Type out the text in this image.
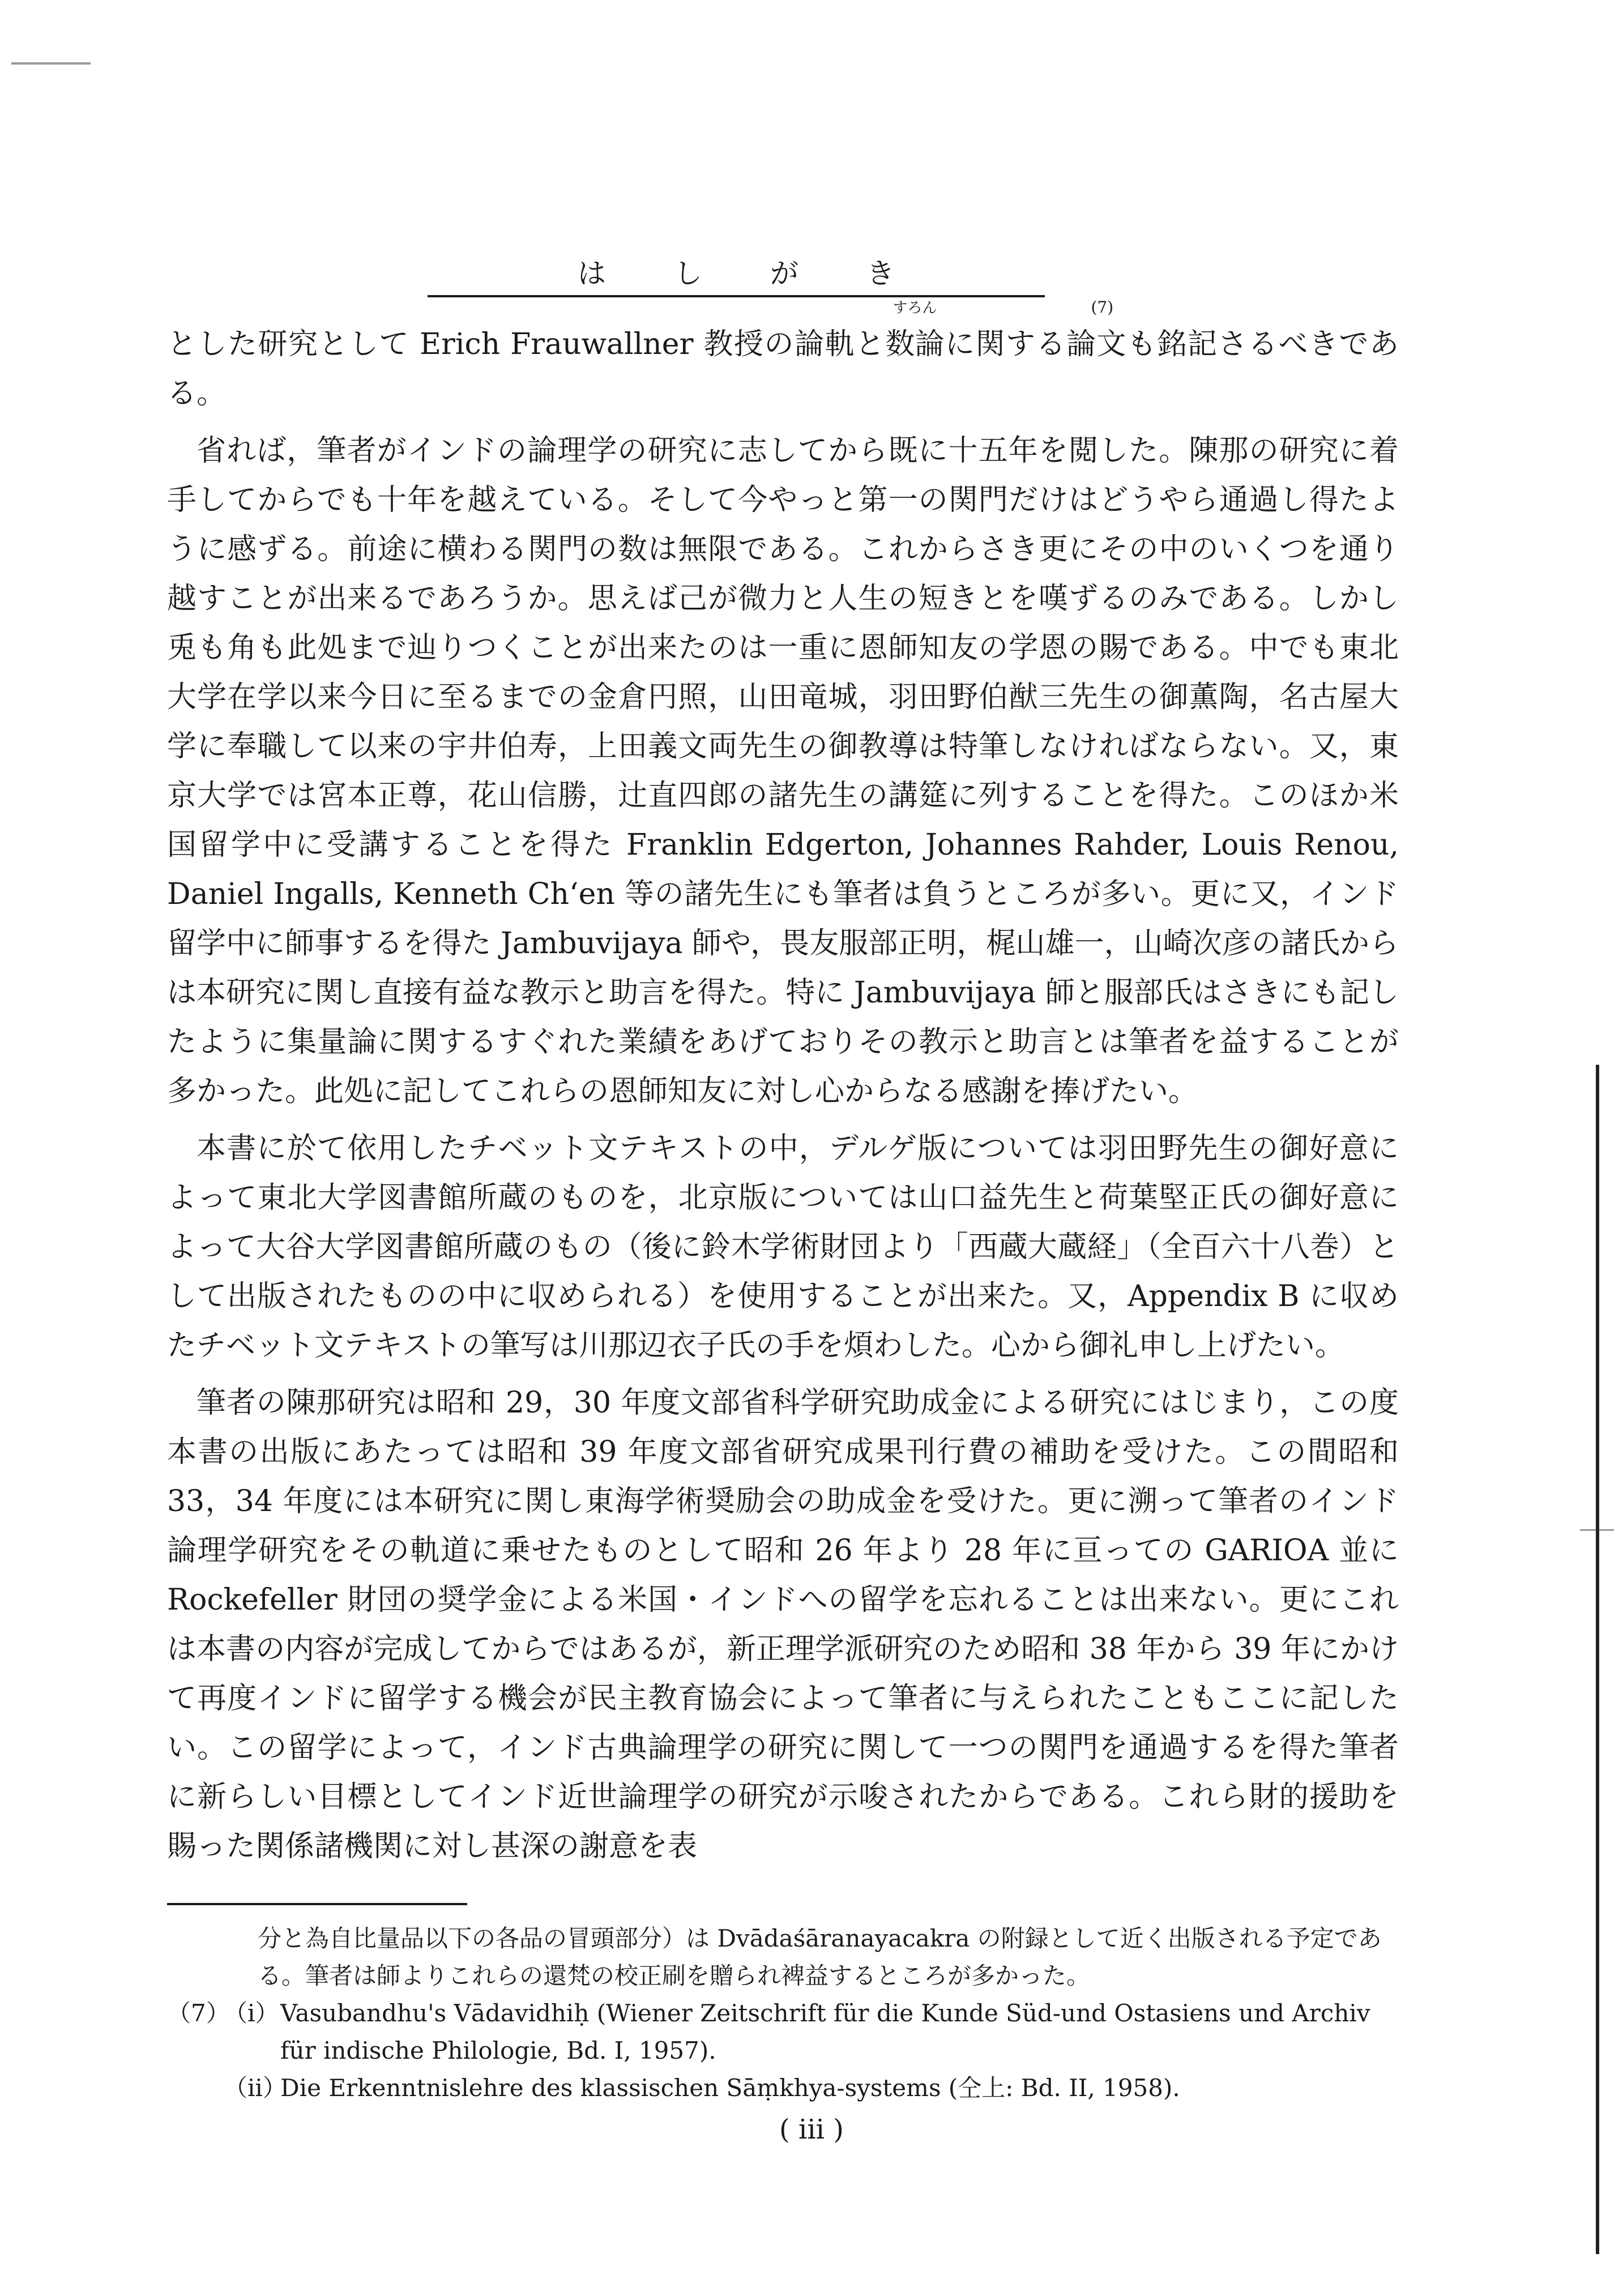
はしがき

とした研究として Erich Frauwallner 教授の論軌と
すろん
数論に関する論
(7)
文も銘記さるべきである。

省れば，筆者がインドの論理学の研究に志してから既に十五年を閲した。陳那の研究に着手してからでも十年を越えている。そして今やっと第一の関門だけはどうやら通過し得たように感ずる。前途に横わる関門の数は無限である。これからさき更にその中のいくつを通り越すことが出来るであろうか。思えば己が微力と人生の短きとを嘆ずるのみである。しかし兎も角も此処まで辿りつくことが出来たのは一重に恩師知友の学恩の賜である。中でも東北大学在学以来今日に至るまでの金倉円照，山田竜城，羽田野伯猷三先生の御薫陶，名古屋大学に奉職して以来の宇井伯寿，上田義文両先生の御教導は特筆しなければならない。又，東京大学では宮本正尊，花山信勝，辻直四郎の諸先生の講筵に列することを得た。このほか米国留学中に受講することを得た Franklin Edgerton, Johannes Rahder, Louis Renou, Daniel Ingalls, Kenneth Ch‘en 等の諸先生にも筆者は負うところが多い。更に又，インド留学中に師事するを得た Jambuvijaya 師や，畏友服部正明，梶山雄一，山崎次彦の諸氏からは本研究に関し直接有益な教示と助言を得た。特に Jambuvijaya 師と服部氏はさきにも記したように集量論に関するすぐれた業績をあげておりその教示と助言とは筆者を益することが多かった。此処に記してこれらの恩師知友に対し心からなる感謝を捧げたい。

本書に於て依用したチベット文テキストの中，デルゲ版については羽田野先生の御好意によって東北大学図書館所蔵のものを，北京版については山口益先生と荷葉堅正氏の御好意によって大谷大学図書館所蔵のもの（後に鈴木学術財団より「西蔵大蔵経」（全百六十八巻）として出版されたものの中に収められる）を使用することが出来た。又，Appendix B に収めたチベット文テキストの筆写は川那辺衣子氏の手を煩わした。心から御礼申し上げたい。

筆者の陳那研究は昭和 29，30 年度文部省科学研究助成金による研究にはじまり，この度本書の出版にあたっては昭和 39 年度文部省研究成果刊行費の補助を受けた。この間昭和 33，34 年度には本研究に関し東海学術奨励会の助成金を受けた。更に溯って筆者のインド論理学研究をその軌道に乗せたものとして昭和 26 年より 28 年に亘っての GARIOA 並に Rockefeller 財団の奨学金による米国・インドへの留学を忘れることは出来ない。更にこれは本書の内容が完成してからではあるが，新正理学派研究のため昭和 38 年から 39 年にかけて再度インドに留学する機会が民主教育協会によって筆者に与えられたこともここに記したい。この留学によって，インド古典論理学の研究に関して一つの関門を通過するを得た筆者に新らしい目標としてインド近世論理学の研究が示唆されたからである。これら財的援助を賜った関係諸機関に対し甚深の謝意を表

分と為自比量品以下の各品の冒頭部分）は Dvādaśāranayacakra の附録として近く出版される予定である。筆者は師よりこれらの還梵の校正刷を贈られ裨益するところが多かった。
（7）
（i） Vasubandhu's Vādavidhiḥ (Wiener Zeitschrift für die Kunde Süd-und Ostasiens und Archiv für indische Philologie, Bd. I, 1957).
（ii）
Die Erkenntnislehre des klassischen Sāṃkhya-systems (仝上: Bd. II, 1958).
( iii )
